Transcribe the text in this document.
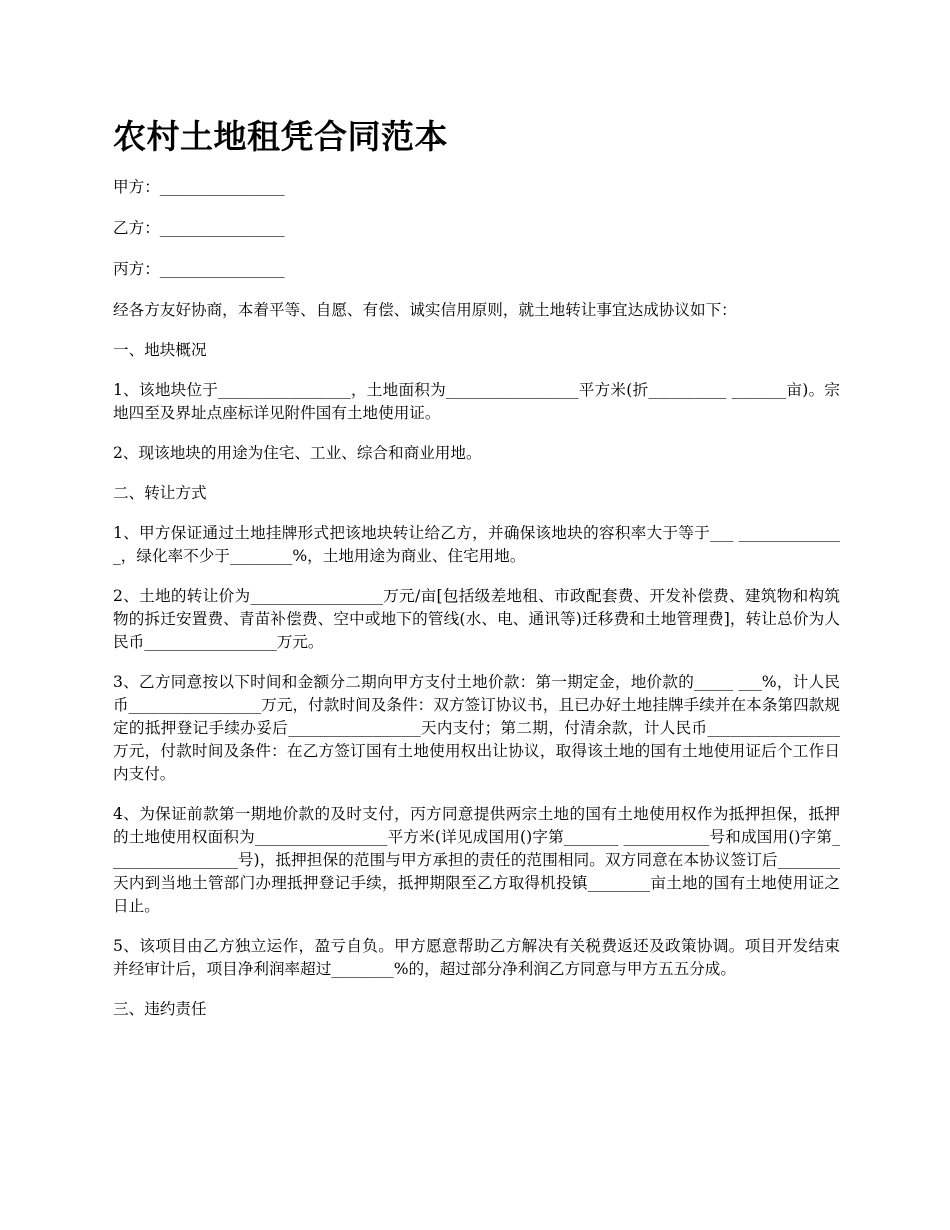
农村土地租凭合同范本

甲方：________________

乙方：________________

丙方：________________

经各方友好协商，本着平等、自愿、有偿、诚实信用原则，就土地转让事宜达成协议如下：

一、地块概况

1、该地块位于_________________，土地面积为_________________平方米(折__________ _______亩)。宗地四至及界址点座标详见附件国有土地使用证。

2、现该地块的用途为住宅、工业、综合和商业用地。

二、转让方式

1、甲方保证通过土地挂牌形式把该地块转让给乙方，并确保该地块的容积率大于等于___ ______________，绿化率不少于________%，土地用途为商业、住宅用地。

2、土地的转让价为_________________万元/亩[包括级差地租、市政配套费、开发补偿费、建筑物和构筑物的拆迁安置费、青苗补偿费、空中或地下的管线(水、电、通讯等)迁移费和土地管理费]，转让总价为人民币_________________万元。

3、乙方同意按以下时间和金额分二期向甲方支付土地价款：第一期定金，地价款的_____ ___%，计人民币_________________万元，付款时间及条件：双方签订协议书，且已办好土地挂牌手续并在本条第四款规定的抵押登记手续办妥后_________________天内支付；第二期，付清余款，计人民币_________________万元，付款时间及条件：在乙方签订国有土地使用权出让协议，取得该土地的国有土地使用证后个工作日内支付。

4、为保证前款第一期地价款的及时支付，丙方同意提供两宗土地的国有土地使用权作为抵押担保，抵押的土地使用权面积为_________________平方米(详见成国用()字第_______ ___________号和成国用()字第_________________号)，抵押担保的范围与甲方承担的责任的范围相同。双方同意在本协议签订后________天内到当地土管部门办理抵押登记手续，抵押期限至乙方取得机投镇________亩土地的国有土地使用证之日止。

5、该项目由乙方独立运作，盈亏自负。甲方愿意帮助乙方解决有关税费返还及政策协调。项目开发结束并经审计后，项目净利润率超过________%的，超过部分净利润乙方同意与甲方五五分成。

三、违约责任
